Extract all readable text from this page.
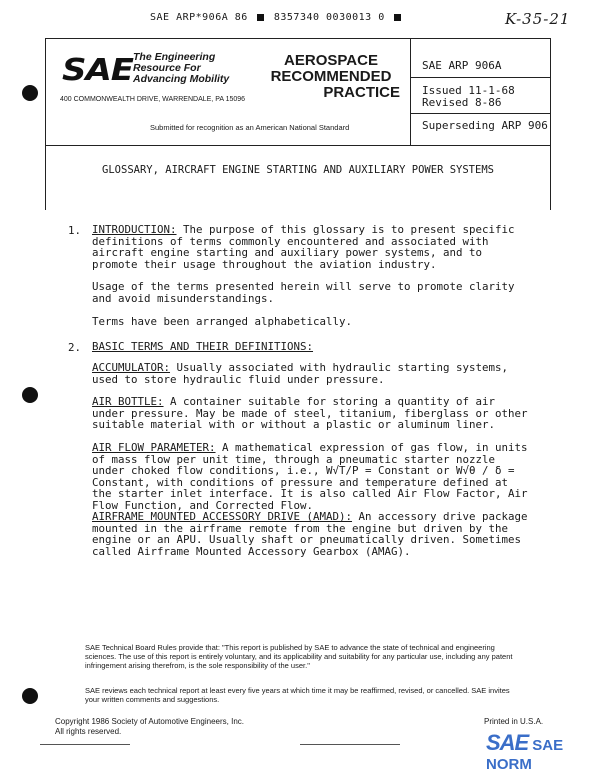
SAE ARP*906A 86	8357340 0030013 0	K-35-21
SAE The Engineering
Resource For
Advancing Mobility
400 COMMONWEALTH DRIVE, WARRENDALE, PA 15096
AEROSPACE
RECOMMENDED
PRACTICE
Submitted for recognition as an American National Standard
SAE ARP 906A
Issued 11-1-68
Revised 8-86
Superseding ARP 906
GLOSSARY, AIRCRAFT ENGINE STARTING AND AUXILIARY POWER SYSTEMS
1. INTRODUCTION: The purpose of this glossary is to present specific definitions of terms commonly encountered and associated with aircraft engine starting and auxiliary power systems, and to promote their usage throughout the aviation industry.
Usage of the terms presented herein will serve to promote clarity and avoid misunderstandings.
Terms have been arranged alphabetically.
2. BASIC TERMS AND THEIR DEFINITIONS:
ACCUMULATOR: Usually associated with hydraulic starting systems, used to store hydraulic fluid under pressure.
AIR BOTTLE: A container suitable for storing a quantity of air under pressure. May be made of steel, titanium, fiberglass or other suitable material with or without a plastic or aluminum liner.
AIR FLOW PARAMETER: A mathematical expression of gas flow, in units of mass flow per unit time, through a pneumatic starter nozzle under choked flow conditions, i.e., W√T/P = Constant or W√θ / δ = Constant, with conditions of pressure and temperature defined at the starter inlet interface. It is also called Air Flow Factor, Air Flow Function, and Corrected Flow.
AIRFRAME MOUNTED ACCESSORY DRIVE (AMAD): An accessory drive package mounted in the airframe remote from the engine but driven by the engine or an APU. Usually shaft or pneumatically driven. Sometimes called Airframe Mounted Accessory Gearbox (AMAG).
SAE Technical Board Rules provide that: "This report is published by SAE to advance the state of technical and engineering sciences. The use of this report is entirely voluntary, and its applicability and suitability for any particular use, including any patent infringement arising therefrom, is the sole responsibility of the user."
SAE reviews each technical report at least every five years at which time it may be reaffirmed, revised, or cancelled. SAE invites your written comments and suggestions.
Copyright 1986 Society of Automotive Engineers, Inc.
All rights reserved.
Printed in U.S.A.
SAE SAE NORM
